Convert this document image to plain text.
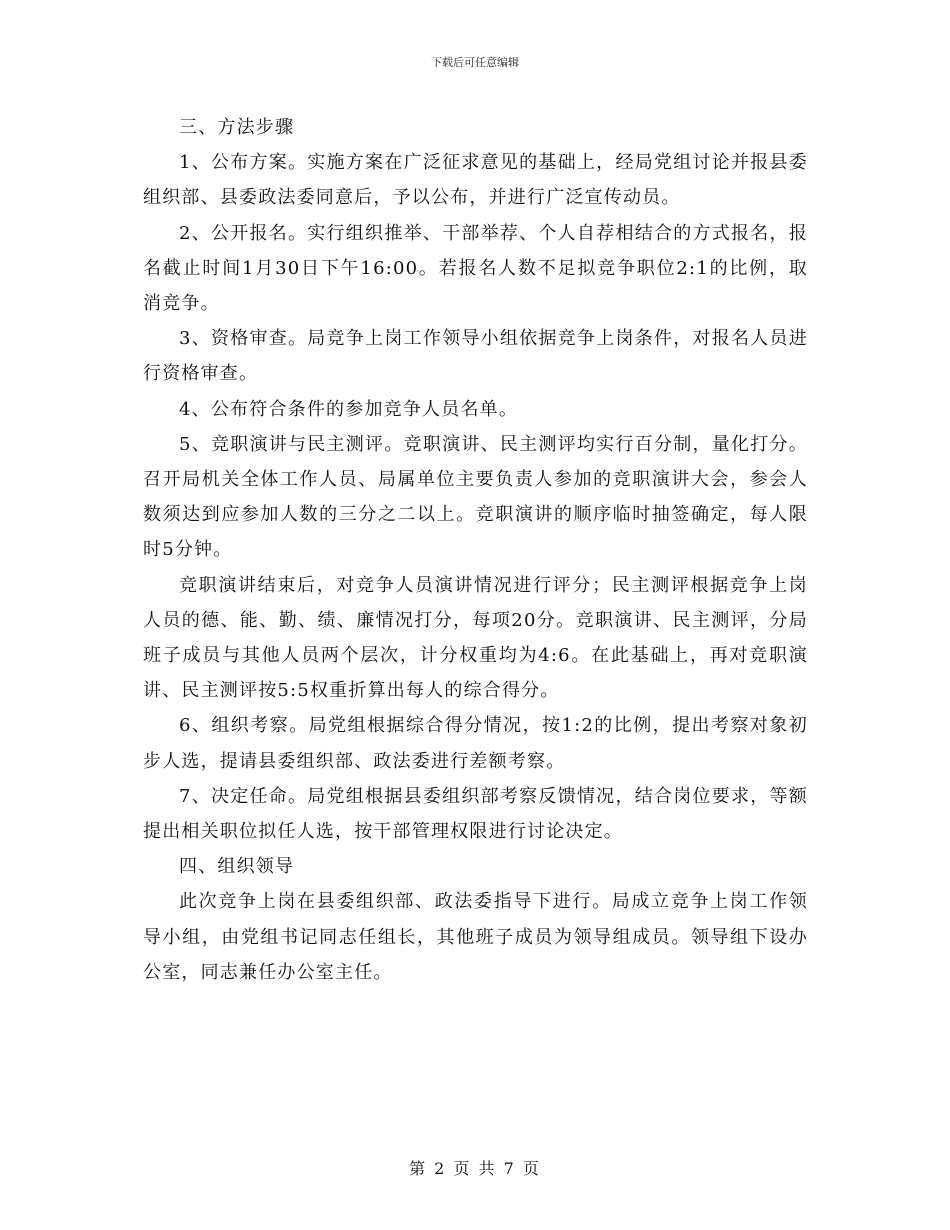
下载后可任意编辑

三、方法步骤

1、公布方案。实施方案在广泛征求意见的基础上，经局党组讨论并报县委组织部、县委政法委同意后，予以公布，并进行广泛宣传动员。

2、公开报名。实行组织推举、干部举荐、个人自荐相结合的方式报名，报名截止时间1月30日下午16:00。若报名人数不足拟竞争职位2:1的比例，取消竞争。

3、资格审查。局竞争上岗工作领导小组依据竞争上岗条件，对报名人员进行资格审查。

4、公布符合条件的参加竞争人员名单。

5、竞职演讲与民主测评。竞职演讲、民主测评均实行百分制，量化打分。召开局机关全体工作人员、局属单位主要负责人参加的竞职演讲大会，参会人数须达到应参加人数的三分之二以上。竞职演讲的顺序临时抽签确定，每人限时5分钟。

竞职演讲结束后，对竞争人员演讲情况进行评分；民主测评根据竞争上岗人员的德、能、勤、绩、廉情况打分，每项20分。竞职演讲、民主测评，分局班子成员与其他人员两个层次，计分权重均为4:6。在此基础上，再对竞职演讲、民主测评按5:5权重折算出每人的综合得分。

6、组织考察。局党组根据综合得分情况，按1:2的比例，提出考察对象初步人选，提请县委组织部、政法委进行差额考察。

7、决定任命。局党组根据县委组织部考察反馈情况，结合岗位要求，等额提出相关职位拟任人选，按干部管理权限进行讨论决定。

四、组织领导

此次竞争上岗在县委组织部、政法委指导下进行。局成立竞争上岗工作领导小组，由党组书记同志任组长，其他班子成员为领导组成员。领导组下设办公室，同志兼任办公室主任。

第 2 页 共 7 页
